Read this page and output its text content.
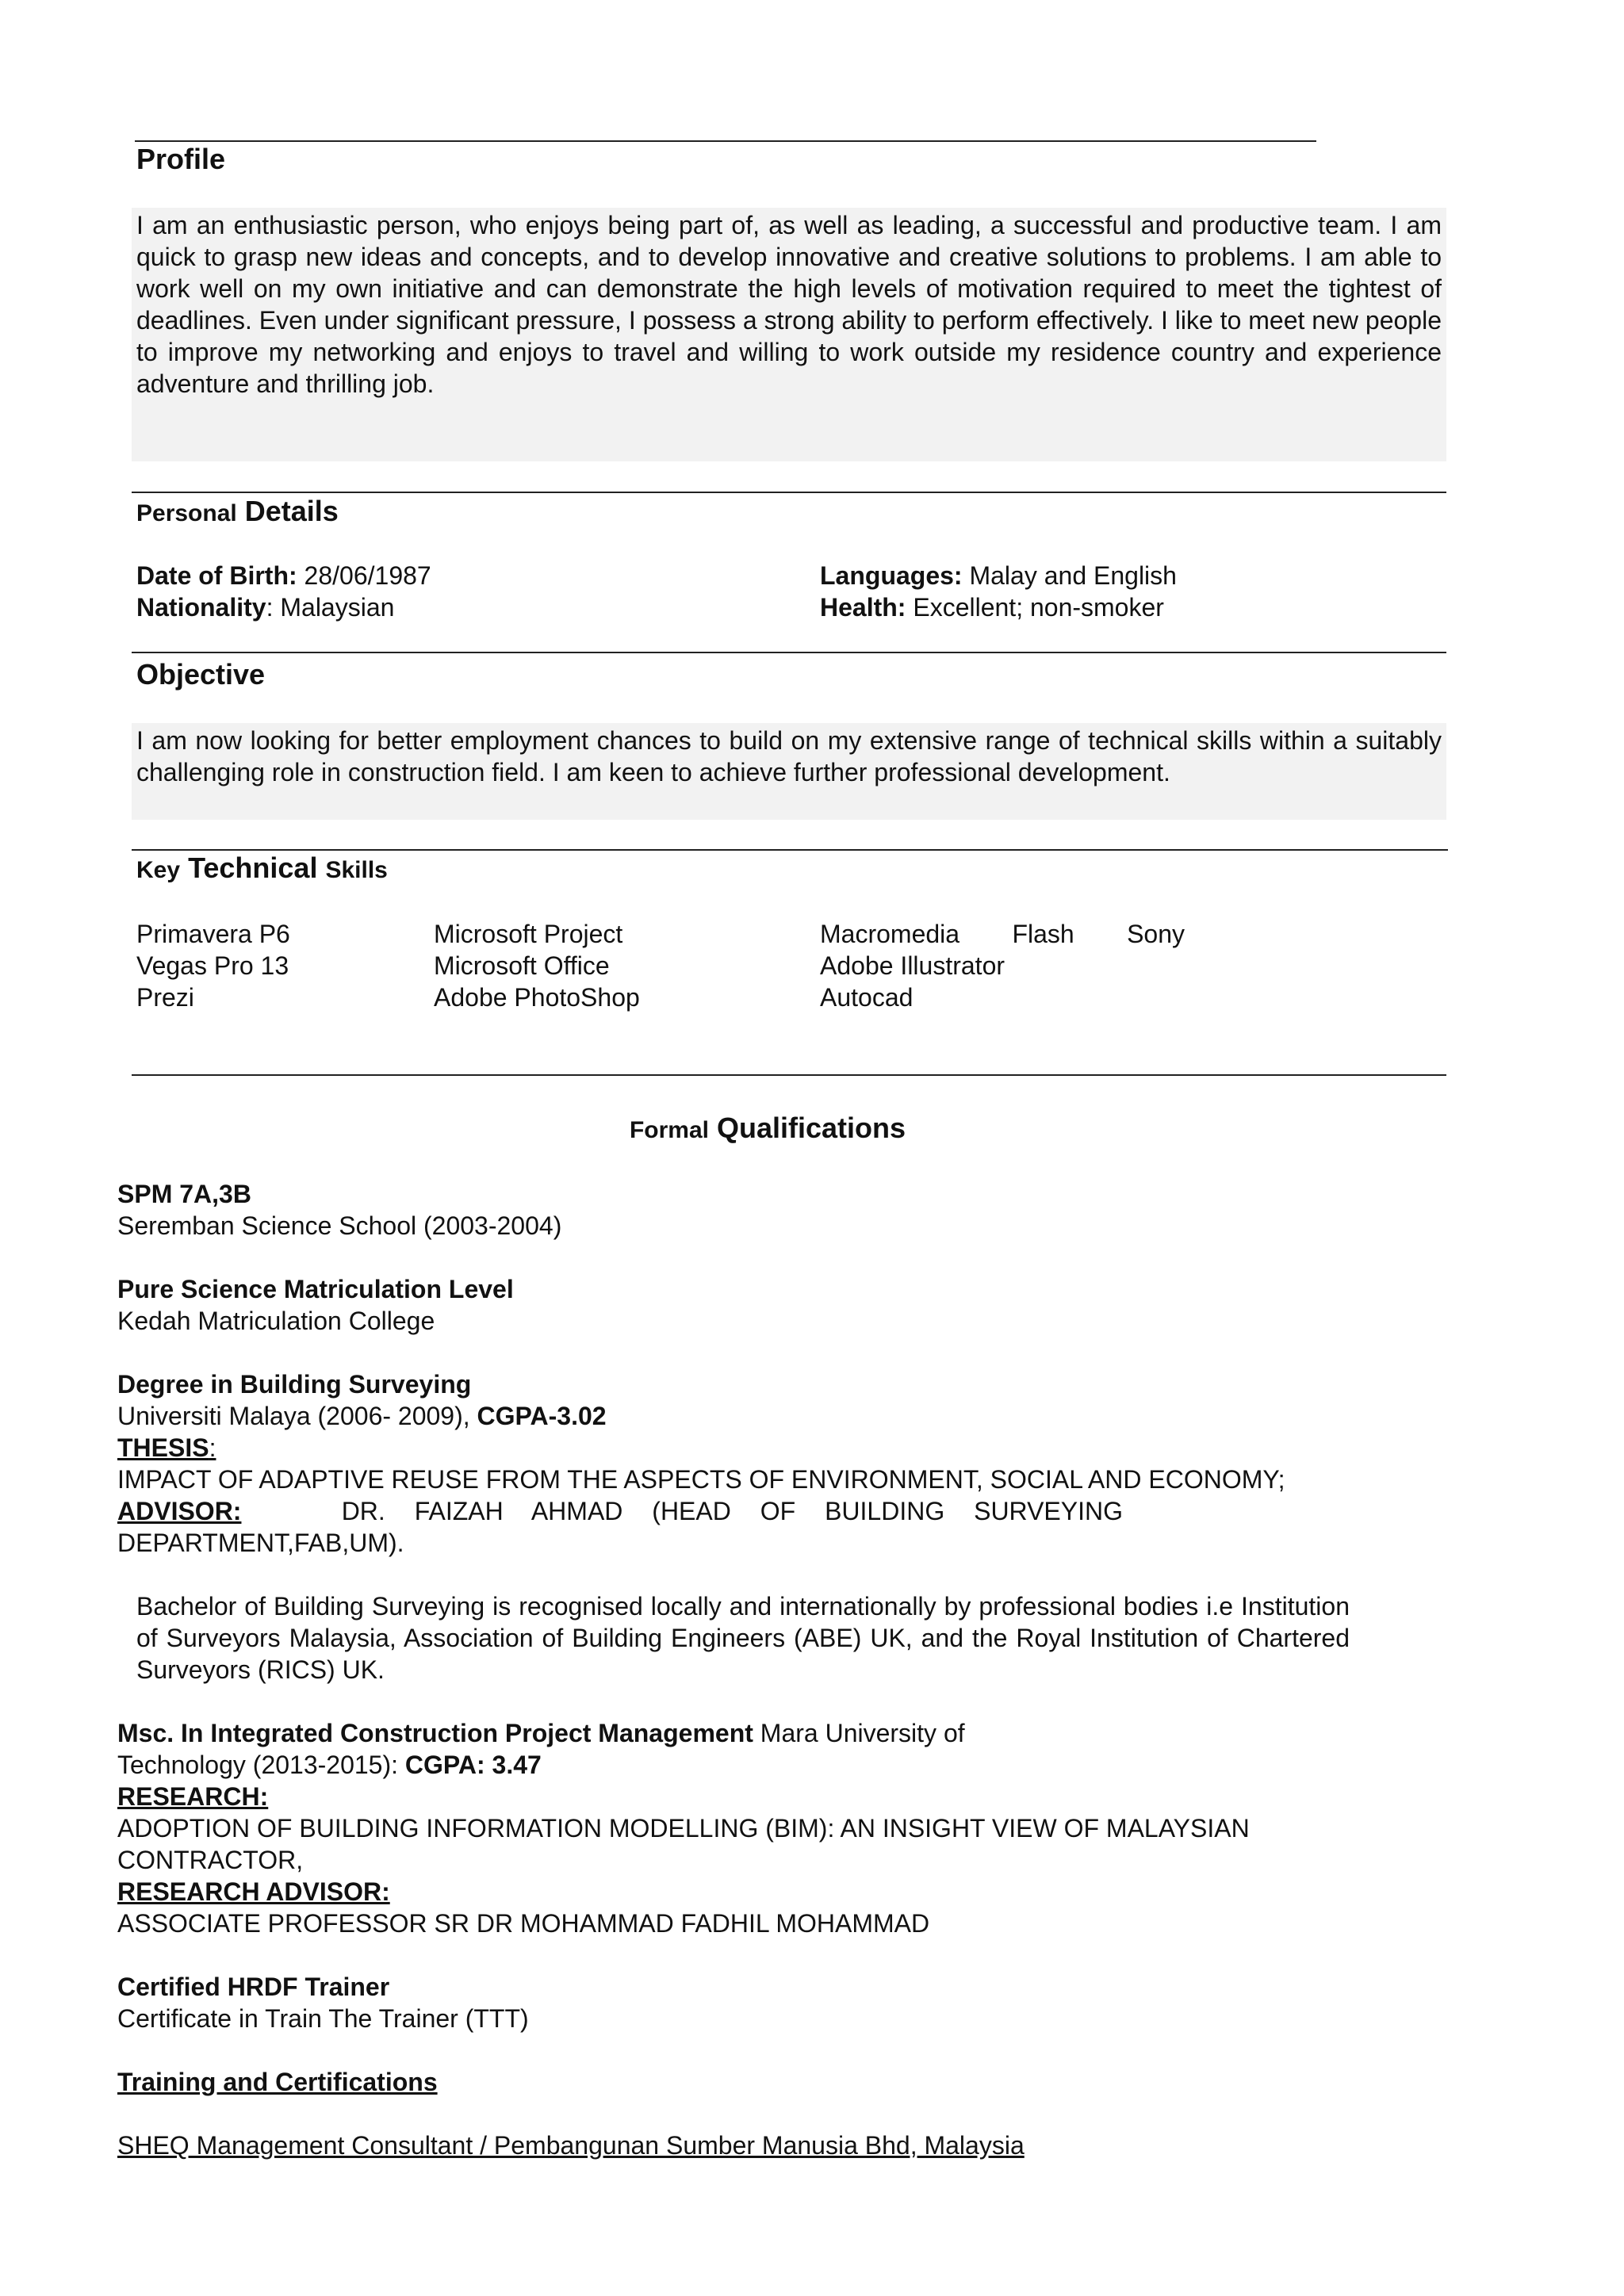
Profile
I am an enthusiastic person, who enjoys being part of, as well as leading, a successful and productive team. I am quick to grasp new ideas and concepts, and to develop innovative and creative solutions to problems. I am able to work well on my own initiative and can demonstrate the high levels of motivation required to meet the tightest of deadlines. Even under significant pressure, I possess a strong ability to perform effectively. I like to meet new people to improve my networking and enjoys to travel and willing to work outside my residence country and experience adventure and thrilling job.
Personal Details
Date of Birth: 28/06/1987
Nationality: Malaysian
Languages: Malay and English
Health: Excellent; non-smoker
Objective
I am now looking for better employment chances to build on my extensive range of technical skills within a suitably challenging role in construction field. I am keen to achieve further professional development.
Key Technical Skills
Primavera P6
Vegas Pro 13
Prezi
Microsoft Project
Microsoft Office
Adobe PhotoShop
Macromedia Flash Sony
Adobe Illustrator
Autocad
Formal Qualifications
SPM 7A,3B
Seremban Science School (2003-2004)
Pure Science Matriculation Level
Kedah Matriculation College
Degree in Building Surveying
Universiti Malaya (2006- 2009), CGPA-3.02
THESIS:
IMPACT OF ADAPTIVE REUSE FROM THE ASPECTS OF ENVIRONMENT, SOCIAL AND ECONOMY;
ADVISOR:	DR. FAIZAH AHMAD (HEAD OF BUILDING SURVEYING
DEPARTMENT,FAB,UM).
Bachelor of Building Surveying is recognised locally and internationally by professional bodies i.e Institution of Surveyors Malaysia, Association of Building Engineers (ABE) UK, and the Royal Institution of Chartered Surveyors (RICS) UK.
Msc. In Integrated Construction Project Management Mara University of
Technology (2013-2015): CGPA: 3.47
RESEARCH:
ADOPTION OF BUILDING INFORMATION MODELLING (BIM): AN INSIGHT VIEW OF MALAYSIAN CONTRACTOR,
RESEARCH ADVISOR:
ASSOCIATE PROFESSOR SR DR MOHAMMAD FADHIL MOHAMMAD
Certified HRDF Trainer
Certificate in Train The Trainer (TTT)
Training and Certifications
SHEQ Management Consultant / Pembangunan Sumber Manusia Bhd, Malaysia
